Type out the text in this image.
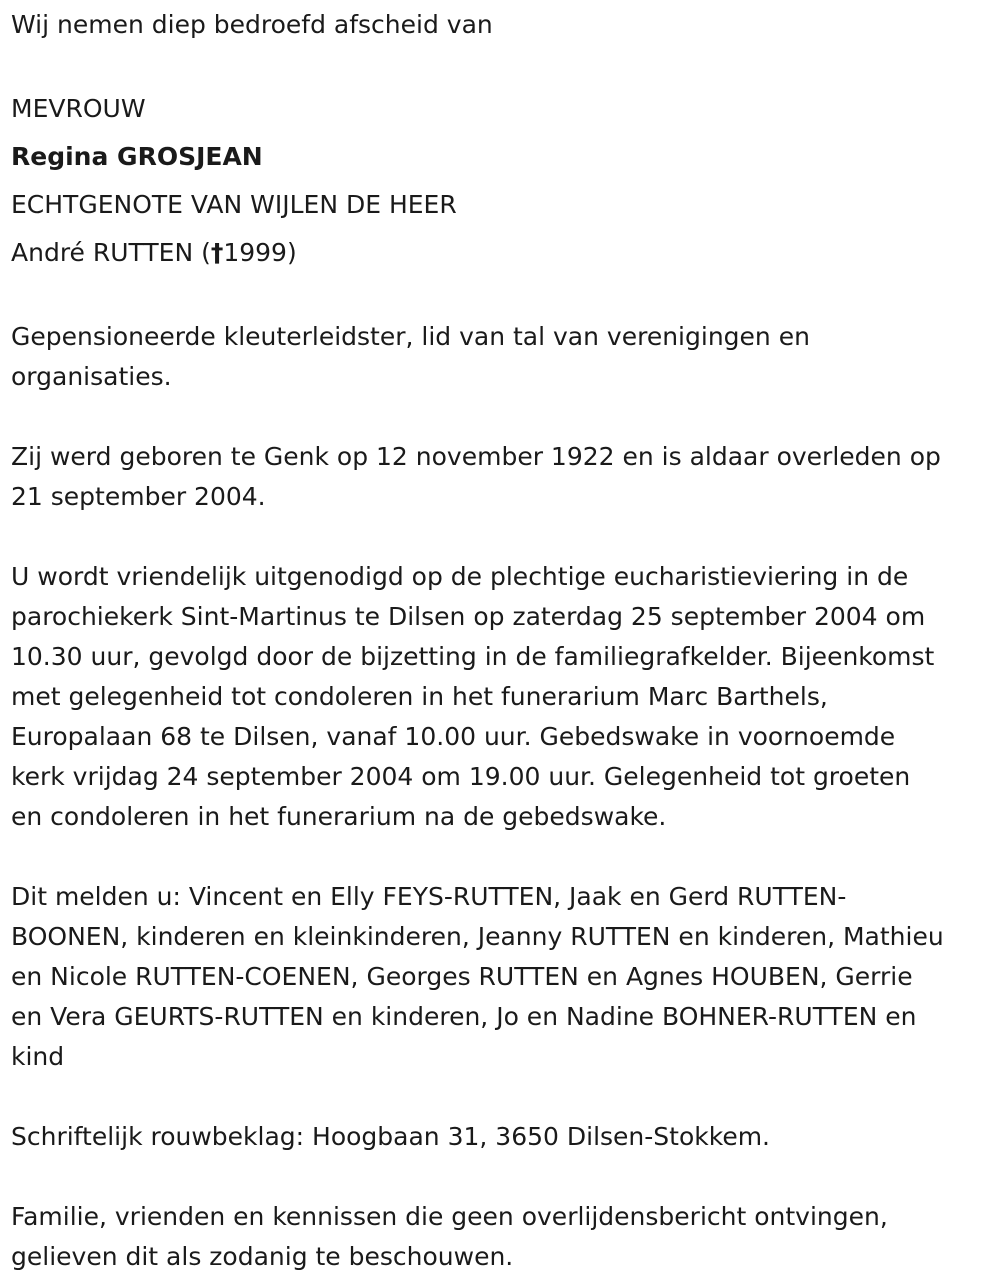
Wij nemen diep bedroefd afscheid van

MEVROUW

Regina GROSJEAN

ECHTGENOTE VAN WIJLEN DE HEER

André RUTTEN (†1999)

Gepensioneerde kleuterleidster, lid van tal van verenigingen en
organisaties.

Zij werd geboren te Genk op 12 november 1922 en is aldaar overleden op
21 september 2004.

U wordt vriendelijk uitgenodigd op de plechtige eucharistieviering in de
parochiekerk Sint-Martinus te Dilsen op zaterdag 25 september 2004 om
10.30 uur, gevolgd door de bijzetting in de familiegrafkelder. Bijeenkomst
met gelegenheid tot condoleren in het funerarium Marc Barthels,
Europalaan 68 te Dilsen, vanaf 10.00 uur. Gebedswake in voornoemde
kerk vrijdag 24 september 2004 om 19.00 uur. Gelegenheid tot groeten
en condoleren in het funerarium na de gebedswake.

Dit melden u: Vincent en Elly FEYS-RUTTEN, Jaak en Gerd RUTTEN-
BOONEN, kinderen en kleinkinderen, Jeanny RUTTEN en kinderen, Mathieu
en Nicole RUTTEN-COENEN, Georges RUTTEN en Agnes HOUBEN, Gerrie
en Vera GEURTS-RUTTEN en kinderen, Jo en Nadine BOHNER-RUTTEN en
kind

Schriftelijk rouwbeklag: Hoogbaan 31, 3650 Dilsen-Stokkem.

Familie, vrienden en kennissen die geen overlijdensbericht ontvingen,
gelieven dit als zodanig te beschouwen.
